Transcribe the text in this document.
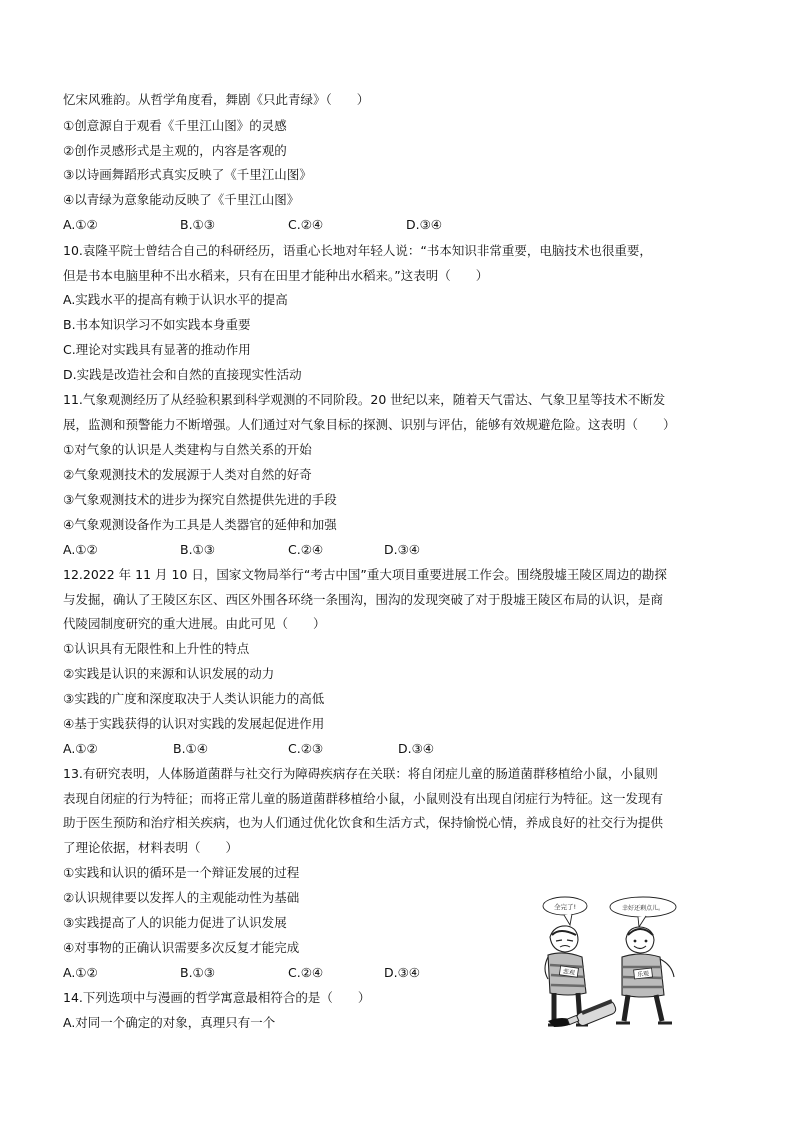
忆宋风雅韵。从哲学角度看，舞剧《只此青绿》（　　）
①创意源自于观看《千里江山图》的灵感
②创作灵感形式是主观的，内容是客观的
③以诗画舞蹈形式真实反映了《千里江山图》
④以青绿为意象能动反映了《千里江山图》
A.①②	B.①③	C.②④	D.③④
10.袁隆平院士曾结合自己的科研经历，语重心长地对年轻人说：“书本知识非常重要，电脑技术也很重要，
但是书本电脑里种不出水稻来，只有在田里才能种出水稻来。”这表明（　　）
A.实践水平的提高有赖于认识水平的提高
B.书本知识学习不如实践本身重要
C.理论对实践具有显著的推动作用
D.实践是改造社会和自然的直接现实性活动
11.气象观测经历了从经验积累到科学观测的不同阶段。20 世纪以来，随着天气雷达、气象卫星等技术不断发
展，监测和预警能力不断增强。人们通过对气象目标的探测、识别与评估，能够有效规避危险。这表明（　　）
①对气象的认识是人类建构与自然关系的开始
②气象观测技术的发展源于人类对自然的好奇
③气象观测技术的进步为探究自然提供先进的手段
④气象观测设备作为工具是人类器官的延伸和加强
A.①②	B.①③	C.②④	D.③④
12.2022 年 11 月 10 日，国家文物局举行“考古中国”重大项目重要进展工作会。围绕殷墟王陵区周边的勘探
与发掘，确认了王陵区东区、西区外围各环绕一条围沟，围沟的发现突破了对于殷墟王陵区布局的认识，是商
代陵园制度研究的重大进展。由此可见（　　）
①认识具有无限性和上升性的特点
②实践是认识的来源和认识发展的动力
③实践的广度和深度取决于人类认识能力的高低
④基于实践获得的认识对实践的发展起促进作用
A.①②	B.①④	C.②③	D.③④
13.有研究表明，人体肠道菌群与社交行为障碍疾病存在关联：将自闭症儿童的肠道菌群移植给小鼠，小鼠则
表现自闭症的行为特征；而将正常儿童的肠道菌群移植给小鼠，小鼠则没有出现自闭症行为特征。这一发现有
助于医生预防和治疗相关疾病，也为人们通过优化饮食和生活方式，保持愉悦心情，养成良好的社交行为提供
了理论依据，材料表明（　　）
①实践和认识的循环是一个辩证发展的过程
②认识规律要以发挥人的主观能动性为基础
③实践提高了人的识能力促进了认识发展
④对事物的正确认识需要多次反复才能完成
A.①②	B.①③	C.②④	D.③④
14.下列选项中与漫画的哲学寓意最相符合的是（　　）
A.对同一个确定的对象，真理只有一个
全完了!	幸好还剩点儿。
悲观	乐观
